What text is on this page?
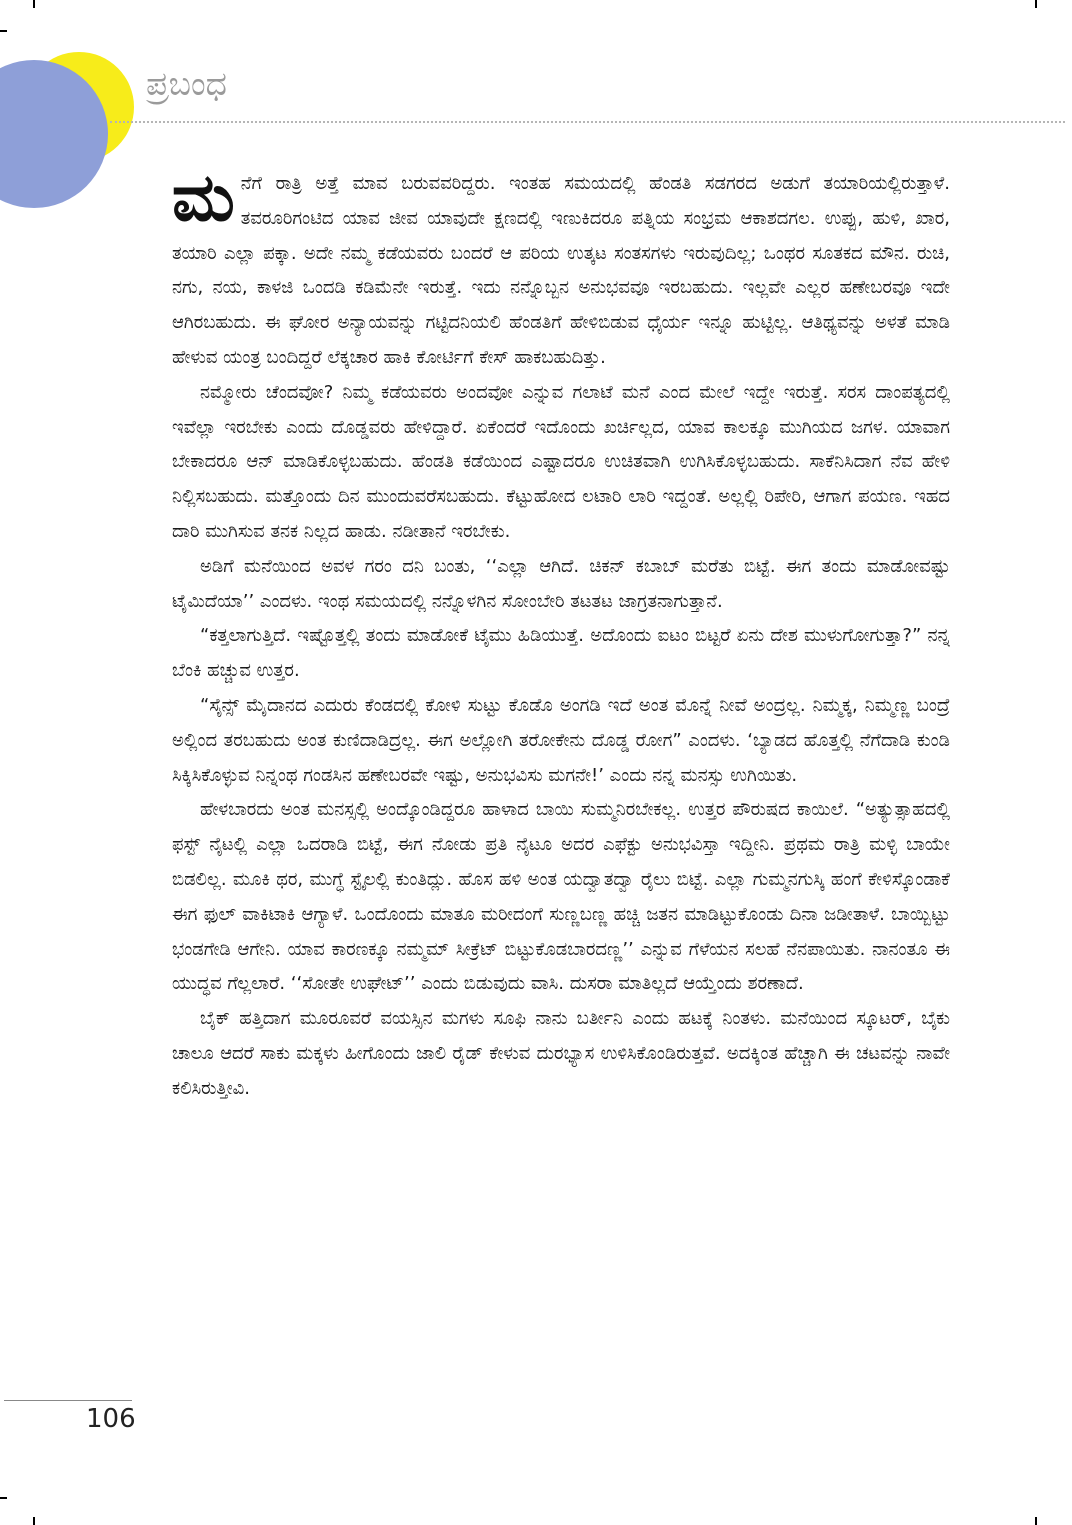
ಪ್ರಬಂಧ

ಮನೆಗೆ ರಾತ್ರಿ ಅತ್ತೆ ಮಾವ ಬರುವವರಿದ್ದರು. ಇಂತಹ ಸಮಯದಲ್ಲಿ ಹೆಂಡತಿ ಸಡಗರದ ಅಡುಗೆ ತಯಾರಿಯಲ್ಲಿರುತ್ತಾಳೆ. ತವರೂರಿಗಂಟಿದ ಯಾವ ಜೀವ ಯಾವುದೇ ಕ್ಷಣದಲ್ಲಿ ಇಣುಕಿದರೂ ಪತ್ನಿಯ ಸಂಭ್ರಮ ಆಕಾಶದಗಲ. ಉಪ್ಪು, ಹುಳಿ, ಖಾರ, ತಯಾರಿ ಎಲ್ಲಾ ಪಕ್ಕಾ. ಅದೇ ನಮ್ಮ ಕಡೆಯವರು ಬಂದರೆ ಆ ಪರಿಯ ಉತ್ಕಟ ಸಂತಸಗಳು ಇರುವುದಿಲ್ಲ; ಒಂಥರ ಸೂತಕದ ಮೌನ. ರುಚಿ, ನಗು, ನಯ, ಕಾಳಜಿ ಒಂದಡಿ ಕಡಿಮೆನೇ ಇರುತ್ತೆ. ಇದು ನನ್ನೊಬ್ಬನ ಅನುಭವವೂ ಇರಬಹುದು. ಇಲ್ಲವೇ ಎಲ್ಲರ ಹಣೇಬರವೂ ಇದೇ ಆಗಿರಬಹುದು. ಈ ಘೋರ ಅನ್ಯಾಯವನ್ನು ಗಟ್ಟಿದನಿಯಲಿ ಹೆಂಡತಿಗೆ ಹೇಳಿಬಿಡುವ ಧೈರ್ಯ ಇನ್ನೂ ಹುಟ್ಟಿಲ್ಲ. ಆತಿಥ್ಯವನ್ನು ಅಳತೆ ಮಾಡಿ ಹೇಳುವ ಯಂತ್ರ ಬಂದಿದ್ದರೆ ಲೆಕ್ಕಚಾರ ಹಾಕಿ ಕೋರ್ಟಿಗೆ ಕೇಸ್ ಹಾಕಬಹುದಿತ್ತು.

ನಮ್ಮೋರು ಚೆಂದವೋ? ನಿಮ್ಮ ಕಡೆಯವರು ಅಂದವೋ ಎನ್ನುವ ಗಲಾಟೆ ಮನೆ ಎಂದ ಮೇಲೆ ಇದ್ದೇ ಇರುತ್ತೆ. ಸರಸ ದಾಂಪತ್ಯದಲ್ಲಿ ಇವೆಲ್ಲಾ ಇರಬೇಕು ಎಂದು ದೊಡ್ಡವರು ಹೇಳಿದ್ದಾರೆ. ಏಕೆಂದರೆ ಇದೊಂದು ಖರ್ಚಿಲ್ಲದ, ಯಾವ ಕಾಲಕ್ಕೂ ಮುಗಿಯದ ಜಗಳ. ಯಾವಾಗ ಬೇಕಾದರೂ ಆನ್ ಮಾಡಿಕೊಳ್ಳಬಹುದು. ಹೆಂಡತಿ ಕಡೆಯಿಂದ ಎಷ್ಟಾದರೂ ಉಚಿತವಾಗಿ ಉಗಿಸಿಕೊಳ್ಳಬಹುದು. ಸಾಕೆನಿಸಿದಾಗ ನೆವ ಹೇಳಿ ನಿಲ್ಲಿಸಬಹುದು. ಮತ್ತೊಂದು ದಿನ ಮುಂದುವರೆಸಬಹುದು. ಕೆಟ್ಟುಹೋದ ಲಟಾರಿ ಲಾರಿ ಇದ್ದಂತೆ. ಅಲ್ಲಲ್ಲಿ ರಿಪೇರಿ, ಆಗಾಗ ಪಯಣ. ಇಹದ ದಾರಿ ಮುಗಿಸುವ ತನಕ ನಿಲ್ಲದ ಹಾಡು. ನಡೀತಾನೆ ಇರಬೇಕು.

ಅಡಿಗೆ ಮನೆಯಿಂದ ಅವಳ ಗರಂ ದನಿ ಬಂತು, ‘‘ಎಲ್ಲಾ ಆಗಿದೆ. ಚಿಕನ್ ಕಬಾಬ್ ಮರೆತು ಬಿಟ್ಟೆ. ಈಗ ತಂದು ಮಾಡೋವಷ್ಟು ಟೈಮಿದೆಯಾ’’ ಎಂದಳು. ಇಂಥ ಸಮಯದಲ್ಲಿ ನನ್ನೊಳಗಿನ ಸೋಂಬೇರಿ ತಟತಟ ಜಾಗ್ರತನಾಗುತ್ತಾನೆ.

“ಕತ್ತಲಾಗುತ್ತಿದೆ. ಇಷ್ಟೊತ್ತಲ್ಲಿ ತಂದು ಮಾಡೋಕೆ ಟೈಮು ಹಿಡಿಯುತ್ತೆ. ಅದೊಂದು ಐಟಂ ಬಿಟ್ಟರೆ ಏನು ದೇಶ ಮುಳುಗೋಗುತ್ತಾ?” ನನ್ನ ಬೆಂಕಿ ಹಚ್ಚುವ ಉತ್ತರ.

“ಸೈನ್ಸ್ ಮೈದಾನದ ಎದುರು ಕೆಂಡದಲ್ಲಿ ಕೋಳಿ ಸುಟ್ಟು ಕೊಡೊ ಅಂಗಡಿ ಇದೆ ಅಂತ ಮೊನ್ನೆ ನೀವೆ ಅಂದ್ರಲ್ಲ. ನಿಮ್ಮಕ್ಕ, ನಿಮ್ಮಣ್ಣ ಬಂದ್ರೆ ಅಲ್ಲಿಂದ ತರಬಹುದು ಅಂತ ಕುಣಿದಾಡಿದ್ರಲ್ಲ. ಈಗ ಅಲ್ಲೋಗಿ ತರೋಕೇನು ದೊಡ್ಡ ರೋಗ” ಎಂದಳು. ‘ಬ್ಯಾಡದ ಹೊತ್ತಲ್ಲಿ ನೆಗೆದಾಡಿ ಕುಂಡಿ ಸಿಕ್ಕಿಸಿಕೊಳ್ಳುವ ನಿನ್ನಂಥ ಗಂಡಸಿನ ಹಣೇಬರವೇ ಇಷ್ಟು, ಅನುಭವಿಸು ಮಗನೇ!’ ಎಂದು ನನ್ನ ಮನಸ್ಸು ಉಗಿಯಿತು.

ಹೇಳಬಾರದು ಅಂತ ಮನಸ್ಸಲ್ಲಿ ಅಂದ್ಕೊಂಡಿದ್ದರೂ ಹಾಳಾದ ಬಾಯಿ ಸುಮ್ಮನಿರಬೇಕಲ್ಲ. ಉತ್ತರ ಪೌರುಷದ ಕಾಯಿಲೆ. “ಅತ್ಯುತ್ಸಾಹದಲ್ಲಿ ಫಸ್ಟ್ ನೈಟಲ್ಲಿ ಎಲ್ಲಾ ಒದರಾಡಿ ಬಿಟ್ಟೆ, ಈಗ ನೋಡು ಪ್ರತಿ ನೈಟೂ ಅದರ ಎಫೆಕ್ಟು ಅನುಭವಿಸ್ತಾ ಇದ್ದೀನಿ. ಪ್ರಥಮ ರಾತ್ರಿ ಮಳ್ಳಿ ಬಾಯೇ ಬಿಡಲಿಲ್ಲ. ಮೂಕಿ ಥರ, ಮುಗ್ಧೆ ಸ್ಟೈಲಲ್ಲಿ ಕುಂತಿದ್ಲು. ಹೊಸ ಹಳಿ ಅಂತ ಯದ್ವಾತದ್ವಾ ರೈಲು ಬಿಟ್ಟೆ. ಎಲ್ಲಾ ಗುಮ್ಮನಗುಸ್ಕಿ ಹಂಗೆ ಕೇಳಿಸ್ಕೊಂಡಾಕೆ ಈಗ ಫುಲ್ ವಾಕಿಟಾಕಿ ಆಗ್ಯಾಳೆ. ಒಂದೊಂದು ಮಾತೂ ಮರೀದಂಗೆ ಸುಣ್ಣಬಣ್ಣ ಹಚ್ಚಿ ಜತನ ಮಾಡಿಟ್ಟುಕೊಂಡು ದಿನಾ ಜಡೀತಾಳೆ. ಬಾಯ್ಬಿಟ್ಟು ಭಂಡಗೇಡಿ ಆಗೇನಿ. ಯಾವ ಕಾರಣಕ್ಕೂ ನಮ್ಮಮ್ ಸೀಕ್ರೆಟ್ ಬಿಟ್ಟುಕೊಡಬಾರದಣ್ಣ’’ ಎನ್ನುವ ಗೆಳೆಯನ ಸಲಹೆ ನೆನಪಾಯಿತು. ನಾನಂತೂ ಈ ಯುದ್ಧವ ಗೆಲ್ಲಲಾರೆ. ‘‘ಸೋತೇ ಉಘೇಟ್’’ ಎಂದು ಬಿಡುವುದು ವಾಸಿ. ದುಸರಾ ಮಾತಿಲ್ಲದೆ ಆಯ್ತೆಂದು ಶರಣಾದೆ.

ಬೈಕ್ ಹತ್ತಿದಾಗ ಮೂರೂವರೆ ವಯಸ್ಸಿನ ಮಗಳು ಸೂಫಿ ನಾನು ಬರ್ತೀನಿ ಎಂದು ಹಟಕ್ಕೆ ನಿಂತಳು. ಮನೆಯಿಂದ ಸ್ಕೂಟರ್, ಬೈಕು ಚಾಲೂ ಆದರೆ ಸಾಕು ಮಕ್ಕಳು ಹೀಗೊಂದು ಜಾಲಿ ರೈಡ್ ಕೇಳುವ ದುರಭ್ಯಾಸ ಉಳಿಸಿಕೊಂಡಿರುತ್ತವೆ. ಅದಕ್ಕಿಂತ ಹೆಚ್ಚಾಗಿ ಈ ಚಟವನ್ನು ನಾವೇ ಕಲಿಸಿರುತ್ತೀವಿ.

106
